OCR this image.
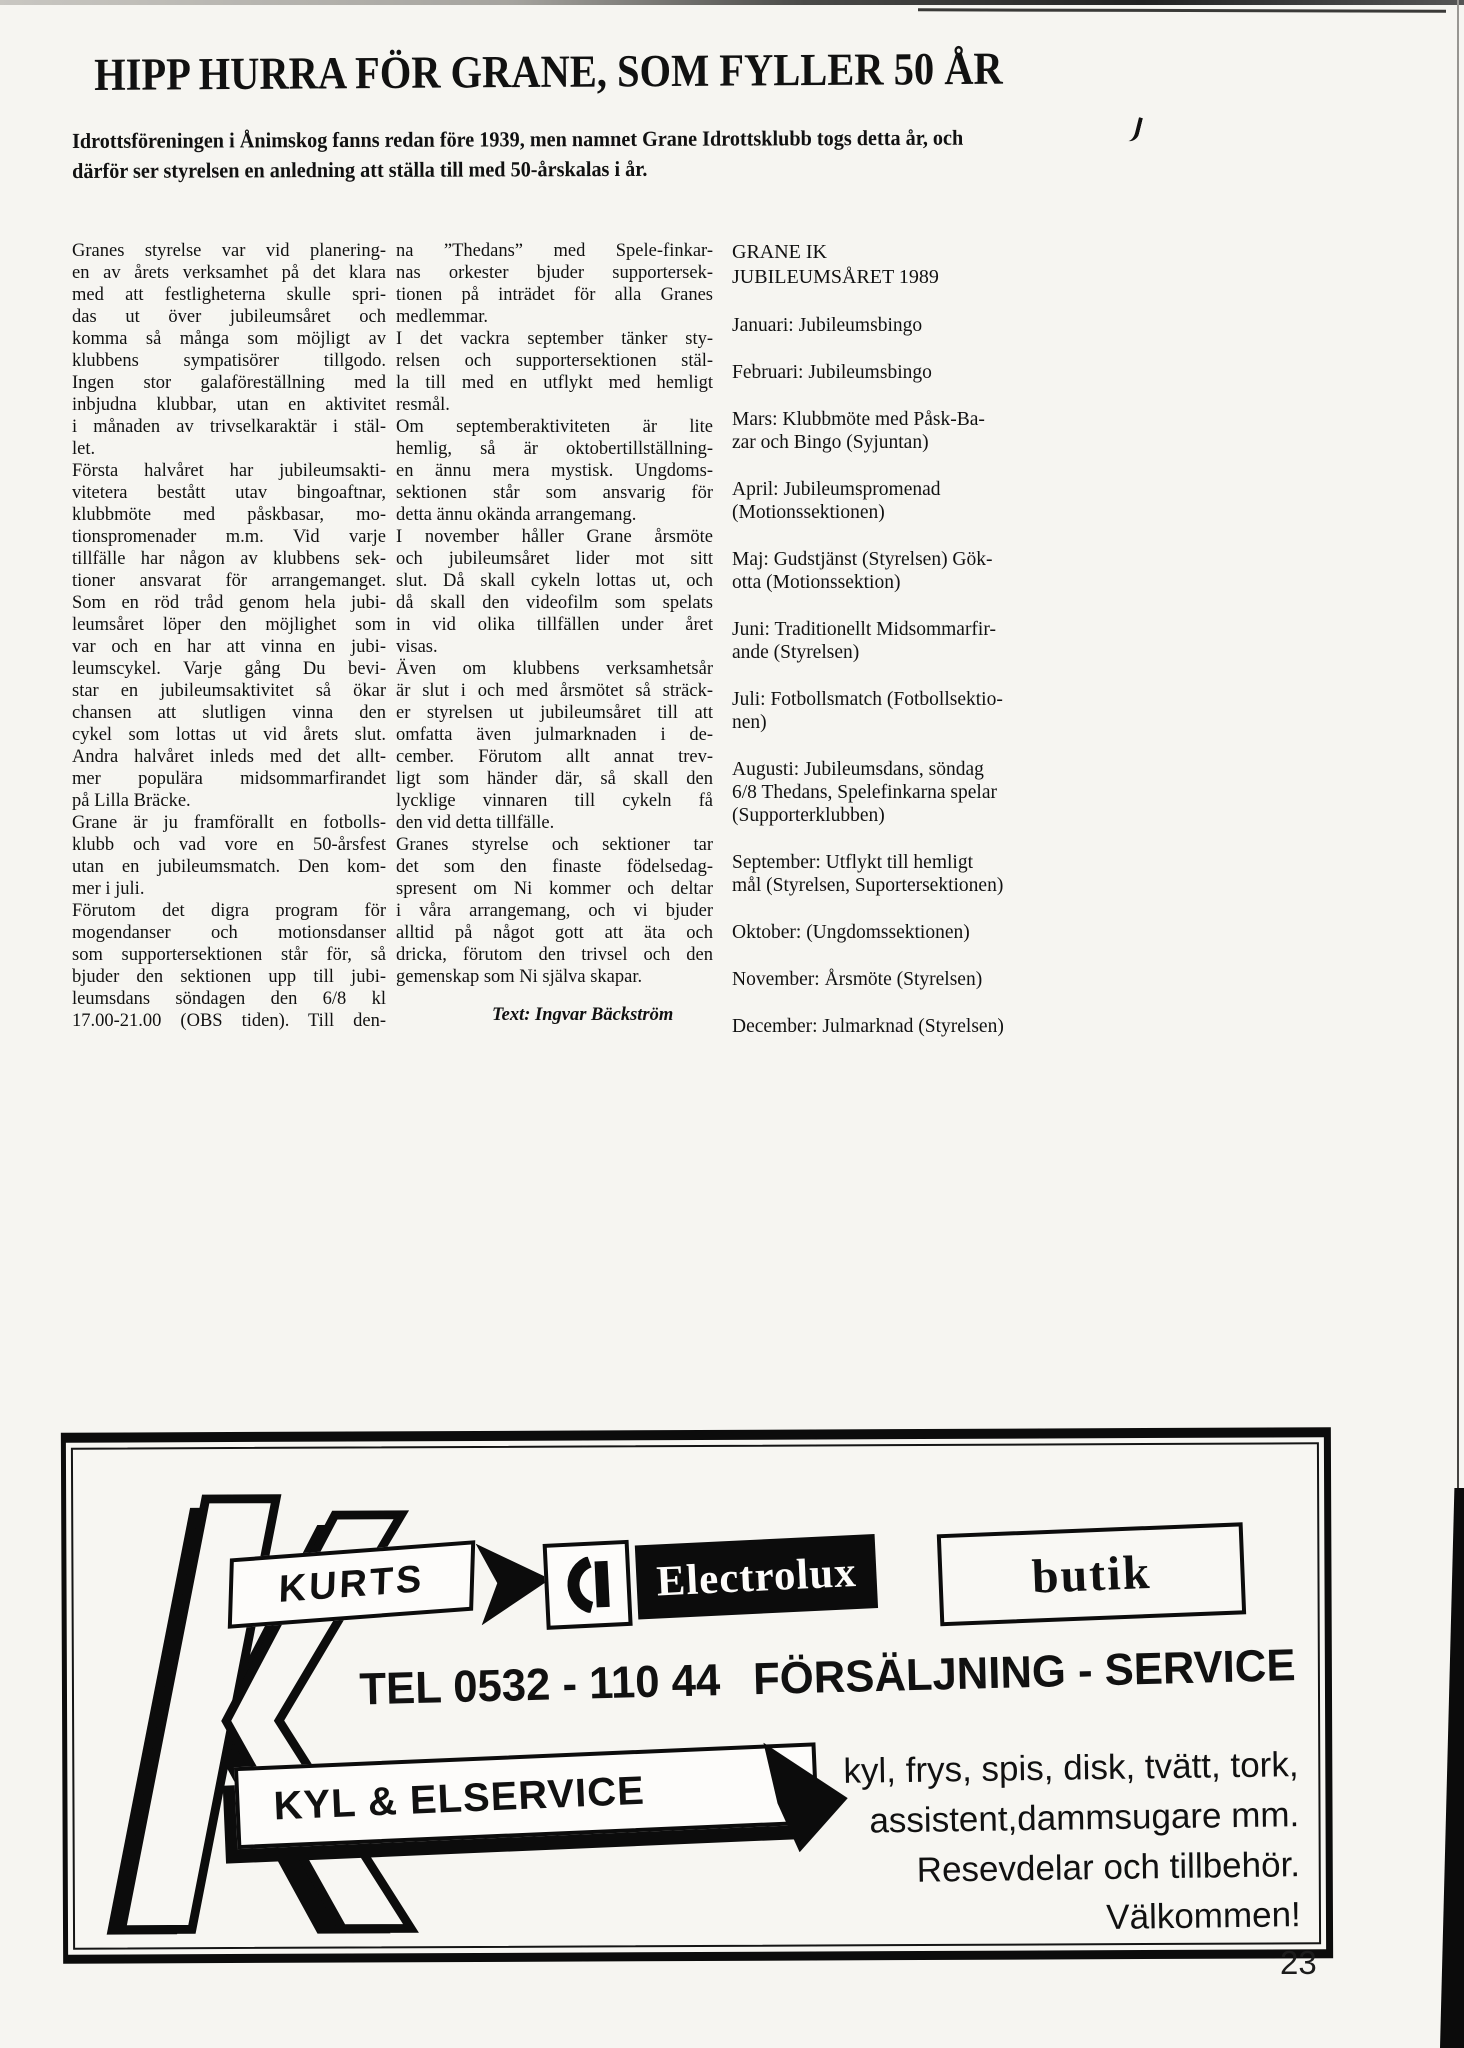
HIPP HURRA FÖR GRANE, SOM FYLLER 50 ÅR
Idrottsföreningen i Ånimskog fanns redan före 1939, men namnet Grane Idrottsklubb togs detta år, och
därför ser styrelsen en anledning att ställa till med 50-årskalas i år.
Granes styrelse var vid planering-
en av årets verksamhet på det klara
med att festligheterna skulle spri-
das ut över jubileumsåret och
komma så många som möjligt av
klubbens sympatisörer tillgodo.
Ingen stor galaföreställning med
inbjudna klubbar, utan en aktivitet
i månaden av trivselkaraktär i stäl-
let.
Första halvåret har jubileumsakti-
vitetera bestått utav bingoaftnar,
klubbmöte med påskbasar, mo-
tionspromenader m.m. Vid varje
tillfälle har någon av klubbens sek-
tioner ansvarat för arrangemanget.
Som en röd tråd genom hela jubi-
leumsåret löper den möjlighet som
var och en har att vinna en jubi-
leumscykel. Varje gång Du bevi-
star en jubileumsaktivitet så ökar
chansen att slutligen vinna den
cykel som lottas ut vid årets slut.
Andra halvåret inleds med det allt-
mer populära midsommarfirandet
på Lilla Bräcke.
Grane är ju framförallt en fotbolls-
klubb och vad vore en 50-årsfest
utan en jubileumsmatch. Den kom-
mer i juli.
Förutom det digra program för
mogendanser och motionsdanser
som supportersektionen står för, så
bjuder den sektionen upp till jubi-
leumsdans söndagen den 6/8 kl
17.00-21.00 (OBS tiden). Till den-
na ”Thedans” med Spele-finkar-
nas orkester bjuder supportersek-
tionen på inträdet för alla Granes
medlemmar.
I det vackra september tänker sty-
relsen och supportersektionen stäl-
la till med en utflykt med hemligt
resmål.
Om septemberaktiviteten är lite
hemlig, så är oktobertillställning-
en ännu mera mystisk. Ungdoms-
sektionen står som ansvarig för
detta ännu okända arrangemang.
I november håller Grane årsmöte
och jubileumsåret lider mot sitt
slut. Då skall cykeln lottas ut, och
då skall den videofilm som spelats
in vid olika tillfällen under året
visas.
Även om klubbens verksamhetsår
är slut i och med årsmötet så sträck-
er styrelsen ut jubileumsåret till att
omfatta även julmarknaden i de-
cember. Förutom allt annat trev-
ligt som händer där, så skall den
lycklige vinnaren till cykeln få
den vid detta tillfälle.
Granes styrelse och sektioner tar
det som den finaste födelsedag-
spresent om Ni kommer och deltar
i våra arrangemang, och vi bjuder
alltid på något gott att äta och
dricka, förutom den trivsel och den
gemenskap som Ni själva skapar.
Text: Ingvar Bäckström
GRANE IK
JUBILEUMSÅRET 1989
Januari: Jubileumsbingo
Februari: Jubileumsbingo
Mars: Klubbmöte med Påsk-Ba-
zar och Bingo (Syjuntan)
April: Jubileumspromenad
(Motionssektionen)
Maj: Gudstjänst (Styrelsen) Gök-
otta (Motionssektion)
Juni: Traditionellt Midsommarfir-
ande (Styrelsen)
Juli: Fotbollsmatch (Fotbollsektio-
nen)
Augusti: Jubileumsdans, söndag
6/8 Thedans, Spelefinkarna spelar
(Supporterklubben)
September: Utflykt till hemligt
mål (Styrelsen, Suportersektionen)
Oktober: (Ungdomssektionen)
November: Årsmöte (Styrelsen)
December: Julmarknad (Styrelsen)
KURTS	Electrolux	butik
TEL 0532 - 110 44 FÖRSÄLJNING - SERVICE
KYL & ELSERVICE
kyl, frys, spis, disk, tvätt, tork,
assistent,dammsugare mm.
Resevdelar och tillbehör.
Välkommen!
23
